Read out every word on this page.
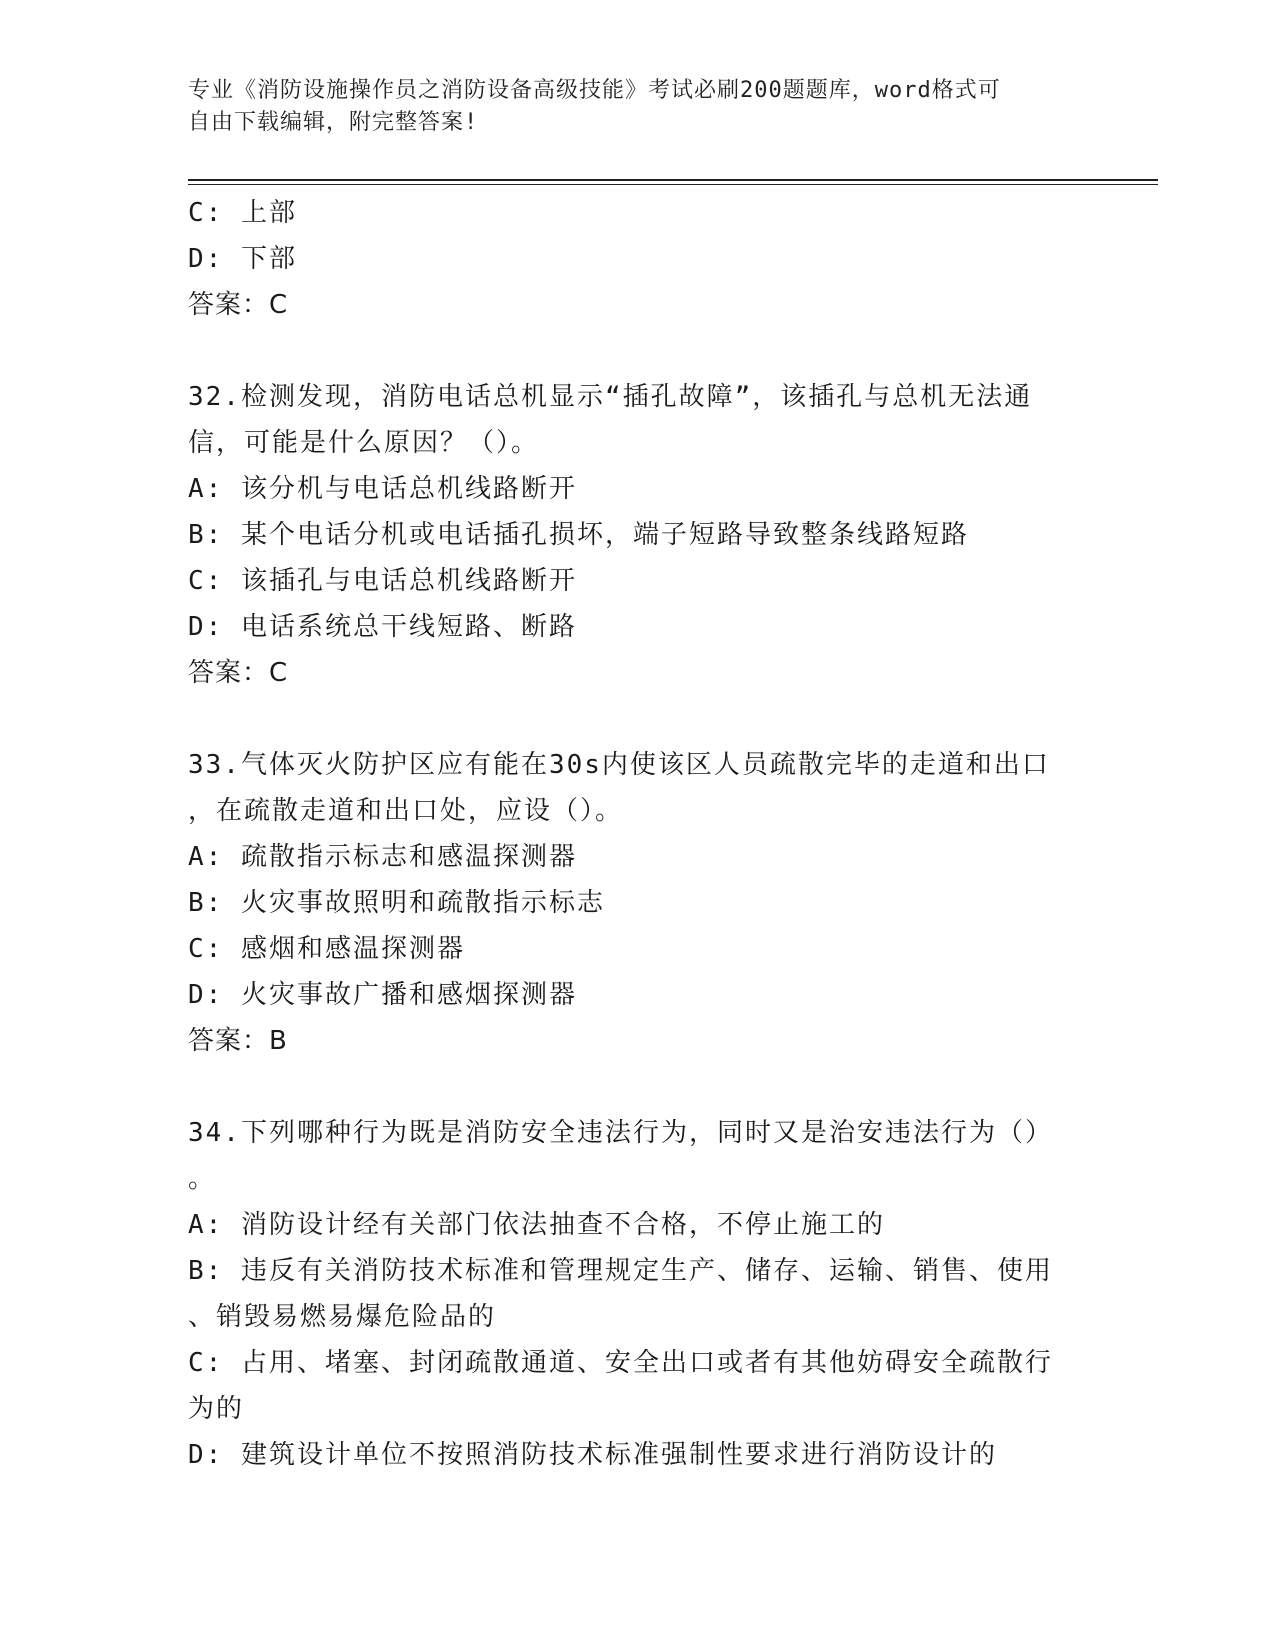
专业《消防设施操作员之消防设备高级技能》考试必刷200题题库，word格式可
自由下载编辑，附完整答案!
C: 上部
D: 下部
答案：C
32.检测发现，消防电话总机显示“插孔故障”，该插孔与总机无法通
信，可能是什么原因？（）。
A: 该分机与电话总机线路断开
B: 某个电话分机或电话插孔损坏，端子短路导致整条线路短路
C: 该插孔与电话总机线路断开
D: 电话系统总干线短路、断路
答案：C
33.气体灭火防护区应有能在30s内使该区人员疏散完毕的走道和出口
，在疏散走道和出口处，应设（）。
A: 疏散指示标志和感温探测器
B: 火灾事故照明和疏散指示标志
C: 感烟和感温探测器
D: 火灾事故广播和感烟探测器
答案：B
34.下列哪种行为既是消防安全违法行为，同时又是治安违法行为（）
。
A: 消防设计经有关部门依法抽查不合格，不停止施工的
B: 违反有关消防技术标准和管理规定生产、储存、运输、销售、使用
、销毁易燃易爆危险品的
C: 占用、堵塞、封闭疏散通道、安全出口或者有其他妨碍安全疏散行
为的
D: 建筑设计单位不按照消防技术标准强制性要求进行消防设计的
